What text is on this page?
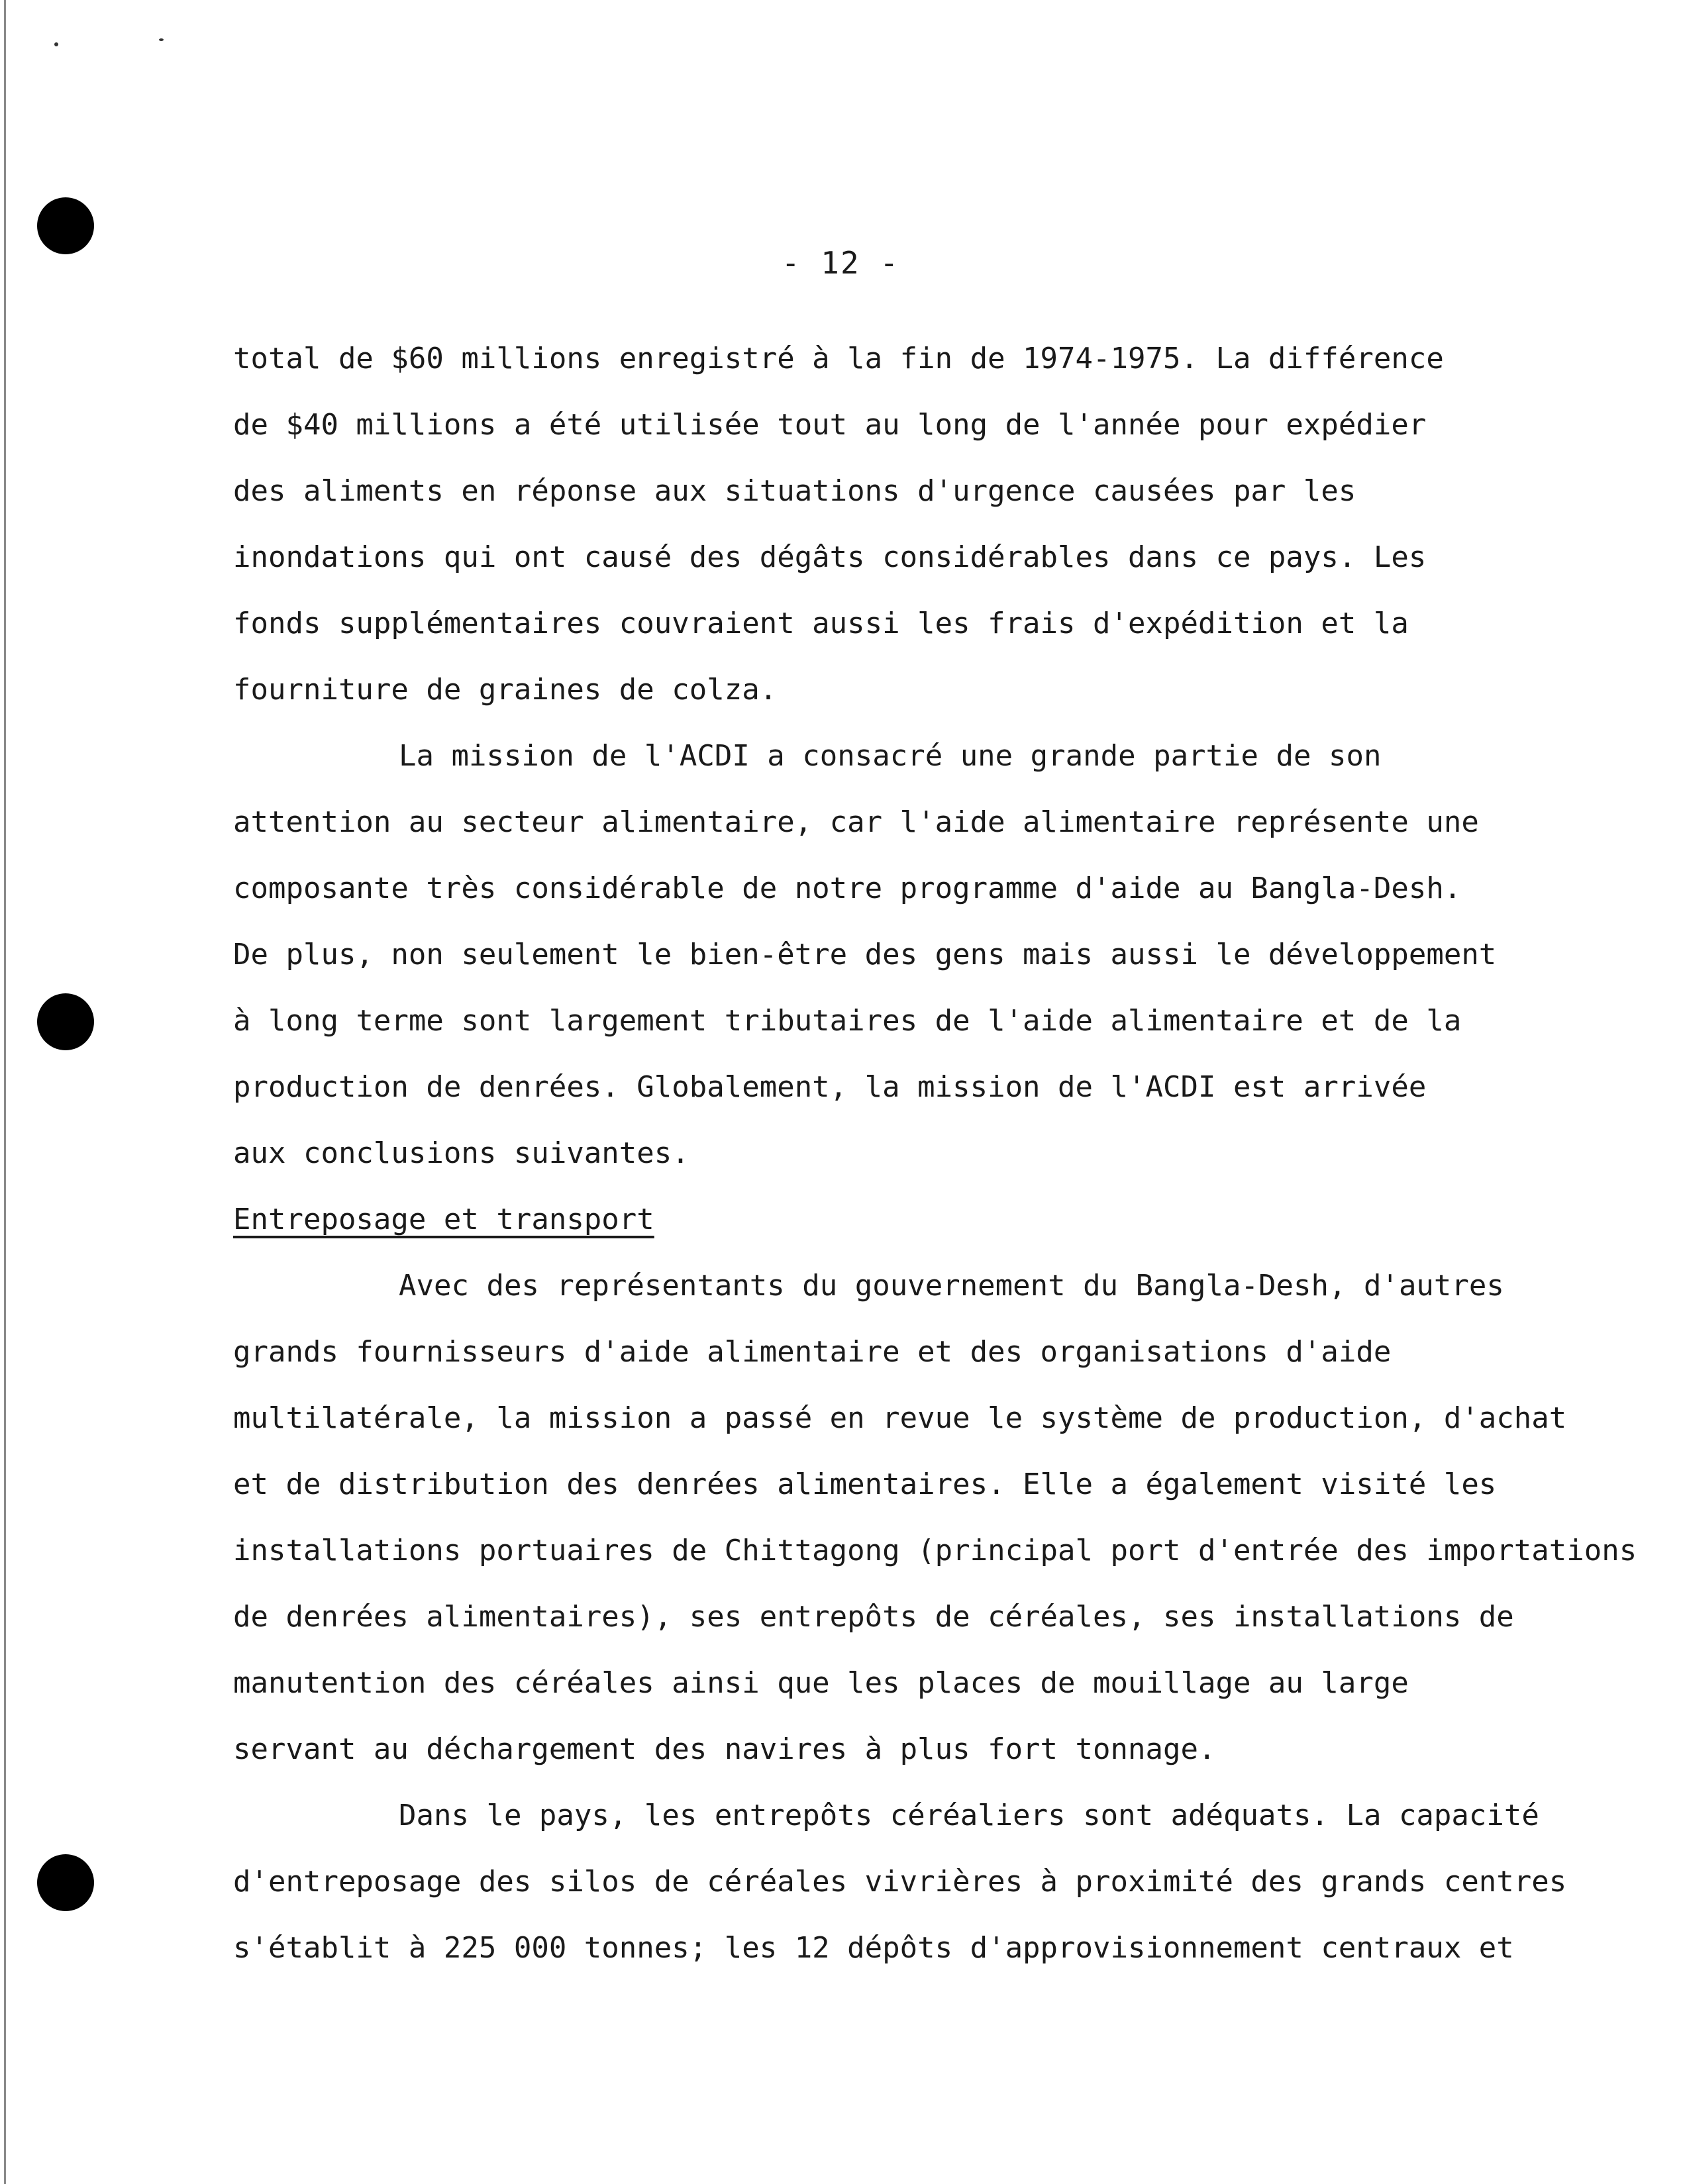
- 12 -
total de $60 millions enregistré à la fin de 1974-1975. La différence
de $40 millions a été utilisée tout au long de l'année pour expédier
des aliments en réponse aux situations d'urgence causées par les
inondations qui ont causé des dégâts considérables dans ce pays. Les
fonds supplémentaires couvraient aussi les frais d'expédition et la
fourniture de graines de colza.
La mission de l'ACDI a consacré une grande partie de son
attention au secteur alimentaire, car l'aide alimentaire représente une
composante très considérable de notre programme d'aide au Bangla-Desh.
De plus, non seulement le bien-être des gens mais aussi le développement
à long terme sont largement tributaires de l'aide alimentaire et de la
production de denrées. Globalement, la mission de l'ACDI est arrivée
aux conclusions suivantes.
Entreposage et transport
Avec des représentants du gouvernement du Bangla-Desh, d'autres
grands fournisseurs d'aide alimentaire et des organisations d'aide
multilatérale, la mission a passé en revue le système de production, d'achat
et de distribution des denrées alimentaires. Elle a également visité les
installations portuaires de Chittagong (principal port d'entrée des importations
de denrées alimentaires), ses entrepôts de céréales, ses installations de
manutention des céréales ainsi que les places de mouillage au large
servant au déchargement des navires à plus fort tonnage.
Dans le pays, les entrepôts céréaliers sont adéquats. La capacité
d'entreposage des silos de céréales vivrières à proximité des grands centres
s'établit à 225 000 tonnes; les 12 dépôts d'approvisionnement centraux et
